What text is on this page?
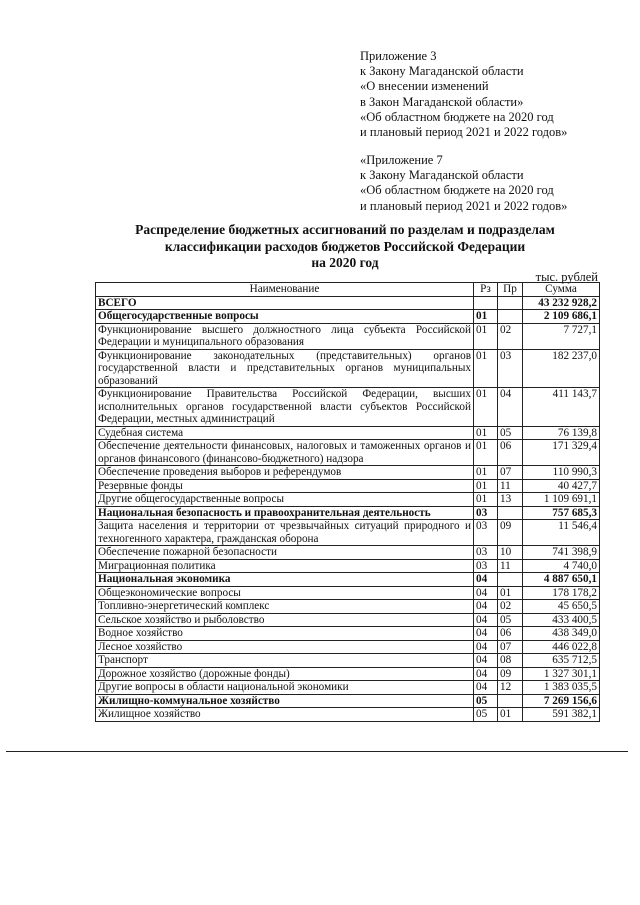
Приложение 3
к Закону Магаданской области
«О внесении изменений
в Закон Магаданской области»
«Об областном бюджете на 2020 год
и плановый период 2021 и 2022 годов»
«Приложение 7
к Закону Магаданской области
«Об областном бюджете на 2020 год
и плановый период 2021 и 2022 годов»
Распределение бюджетных ассигнований по разделам и подразделам
классификации расходов бюджетов Российской Федерации
на 2020 год
тыс. рублей
Наименование	Рз	Пр	Сумма
ВСЕГО			43 232 928,2
Общегосударственные вопросы	01		2 109 686,1
Функционирование высшего должностного лица субъекта Российской Федерации и муниципального образования	01	02	7 727,1
Функционирование законодательных (представительных) органов государственной власти и представительных органов муниципальных образований	01	03	182 237,0
Функционирование Правительства Российской Федерации, высших исполнительных органов государственной власти субъектов Российской Федерации, местных администраций	01	04	411 143,7
Судебная система	01	05	76 139,8
Обеспечение деятельности финансовых, налоговых и таможенных органов и органов финансового (финансово-бюджетного) надзора	01	06	171 329,4
Обеспечение проведения выборов и референдумов	01	07	110 990,3
Резервные фонды	01	11	40 427,7
Другие общегосударственные вопросы	01	13	1 109 691,1
Национальная безопасность и правоохранительная деятельность	03		757 685,3
Защита населения и территории от чрезвычайных ситуаций природного и техногенного характера, гражданская оборона	03	09	11 546,4
Обеспечение пожарной безопасности	03	10	741 398,9
Миграционная политика	03	11	4 740,0
Национальная экономика	04		4 887 650,1
Общеэкономические вопросы	04	01	178 178,2
Топливно-энергетический комплекс	04	02	45 650,5
Сельское хозяйство и рыболовство	04	05	433 400,5
Водное хозяйство	04	06	438 349,0
Лесное хозяйство	04	07	446 022,8
Транспорт	04	08	635 712,5
Дорожное хозяйство (дорожные фонды)	04	09	1 327 301,1
Другие вопросы в области национальной экономики	04	12	1 383 035,5
Жилищно-коммунальное хозяйство	05		7 269 156,6
Жилищное хозяйство	05	01	591 382,1
